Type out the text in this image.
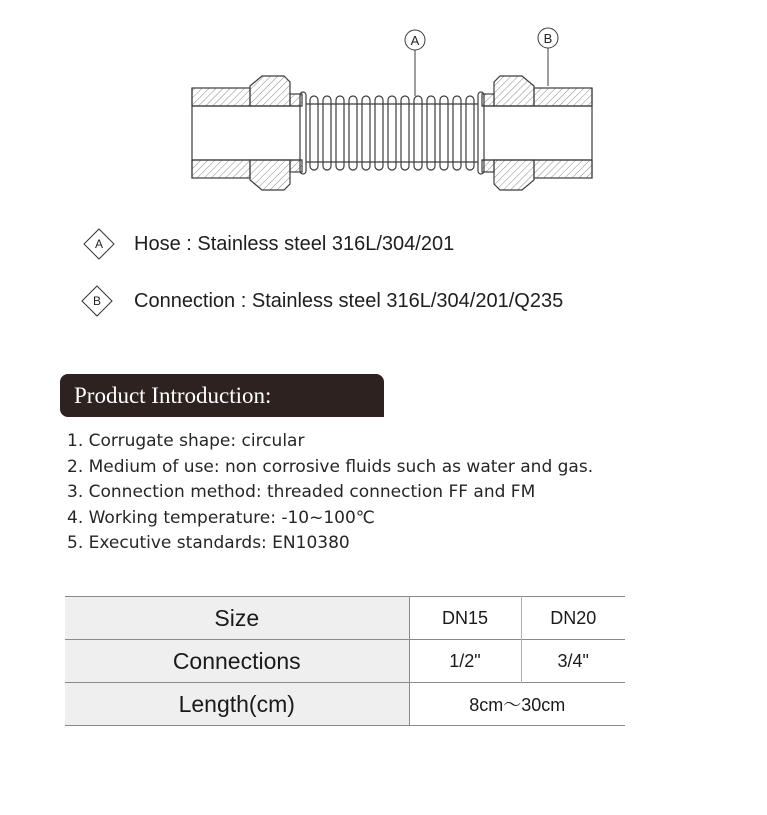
A	B
A	Hose : Stainless steel 316L/304/201
B	Connection : Stainless steel 316L/304/201/Q235
Product Introduction:
1. Corrugate shape: circular
2. Medium of use: non corrosive fluids such as water and gas.
3. Connection method: threaded connection FF and FM
4. Working temperature: -10~100℃
5. Executive standards: EN10380
Size	DN15	DN20
Connections	1/2"	3/4"
Length(cm)	8cm～30cm	
